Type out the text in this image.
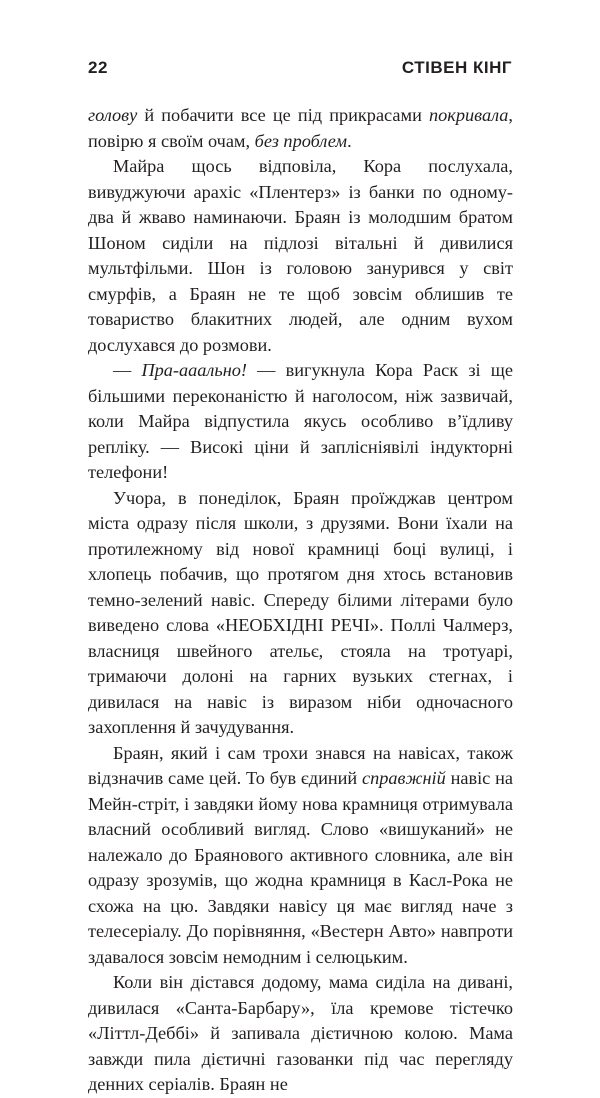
22	СТІВЕН КІНГ

голову й побачити все це під прикрасами покривала, повірю я своїм очам, без проблем.

Майра щось відповіла, Кора послухала, вивуджуючи арахіс «Плентерз» із банки по одному-два й жваво наминаючи. Браян із молодшим братом Шоном сиділи на підлозі вітальні й дивилися мультфільми. Шон із головою занурився у світ смурфів, а Браян не те щоб зовсім облишив те товариство блакитних людей, але одним вухом дослухався до розмови.

— Пра-ааально! — вигукнула Кора Раск зі ще більшими переконаністю й наголосом, ніж зазвичай, коли Майра відпустила якусь особливо в’їдливу репліку. — Високі ціни й заплісніявілі індукторні телефони!

Учора, в понеділок, Браян проїжджав центром міста одразу після школи, з друзями. Вони їхали на протилежному від нової крамниці боці вулиці, і хлопець побачив, що протягом дня хтось встановив темно-зелений навіс. Спереду білими літерами було виведено слова «НЕОБХІДНІ РЕЧІ». Поллі Чалмерз, власниця швейного ательє, стояла на тротуарі, тримаючи долоні на гарних вузьких стегнах, і дивилася на навіс із виразом ніби одночасного захоплення й зачудування.

Браян, який і сам трохи знався на навісах, також відзначив саме цей. То був єдиний справжній навіс на Мейн-стріт, і завдяки йому нова крамниця отримувала власний особливий вигляд. Слово «вишуканий» не належало до Браянового активного словника, але він одразу зрозумів, що жодна крамниця в Касл-Рока не схожа на цю. Завдяки навісу ця має вигляд наче з телесеріалу. До порівняння, «Вестерн Авто» навпроти здавалося зовсім немодним і селюцьким.

Коли він дістався додому, мама сиділа на дивані, дивилася «Санта-Барбару», їла кремове тістечко «Літтл-Деббі» й запивала дієтичною колою. Мама завжди пила дієтичні газованки під час перегляду денних серіалів. Браян не
